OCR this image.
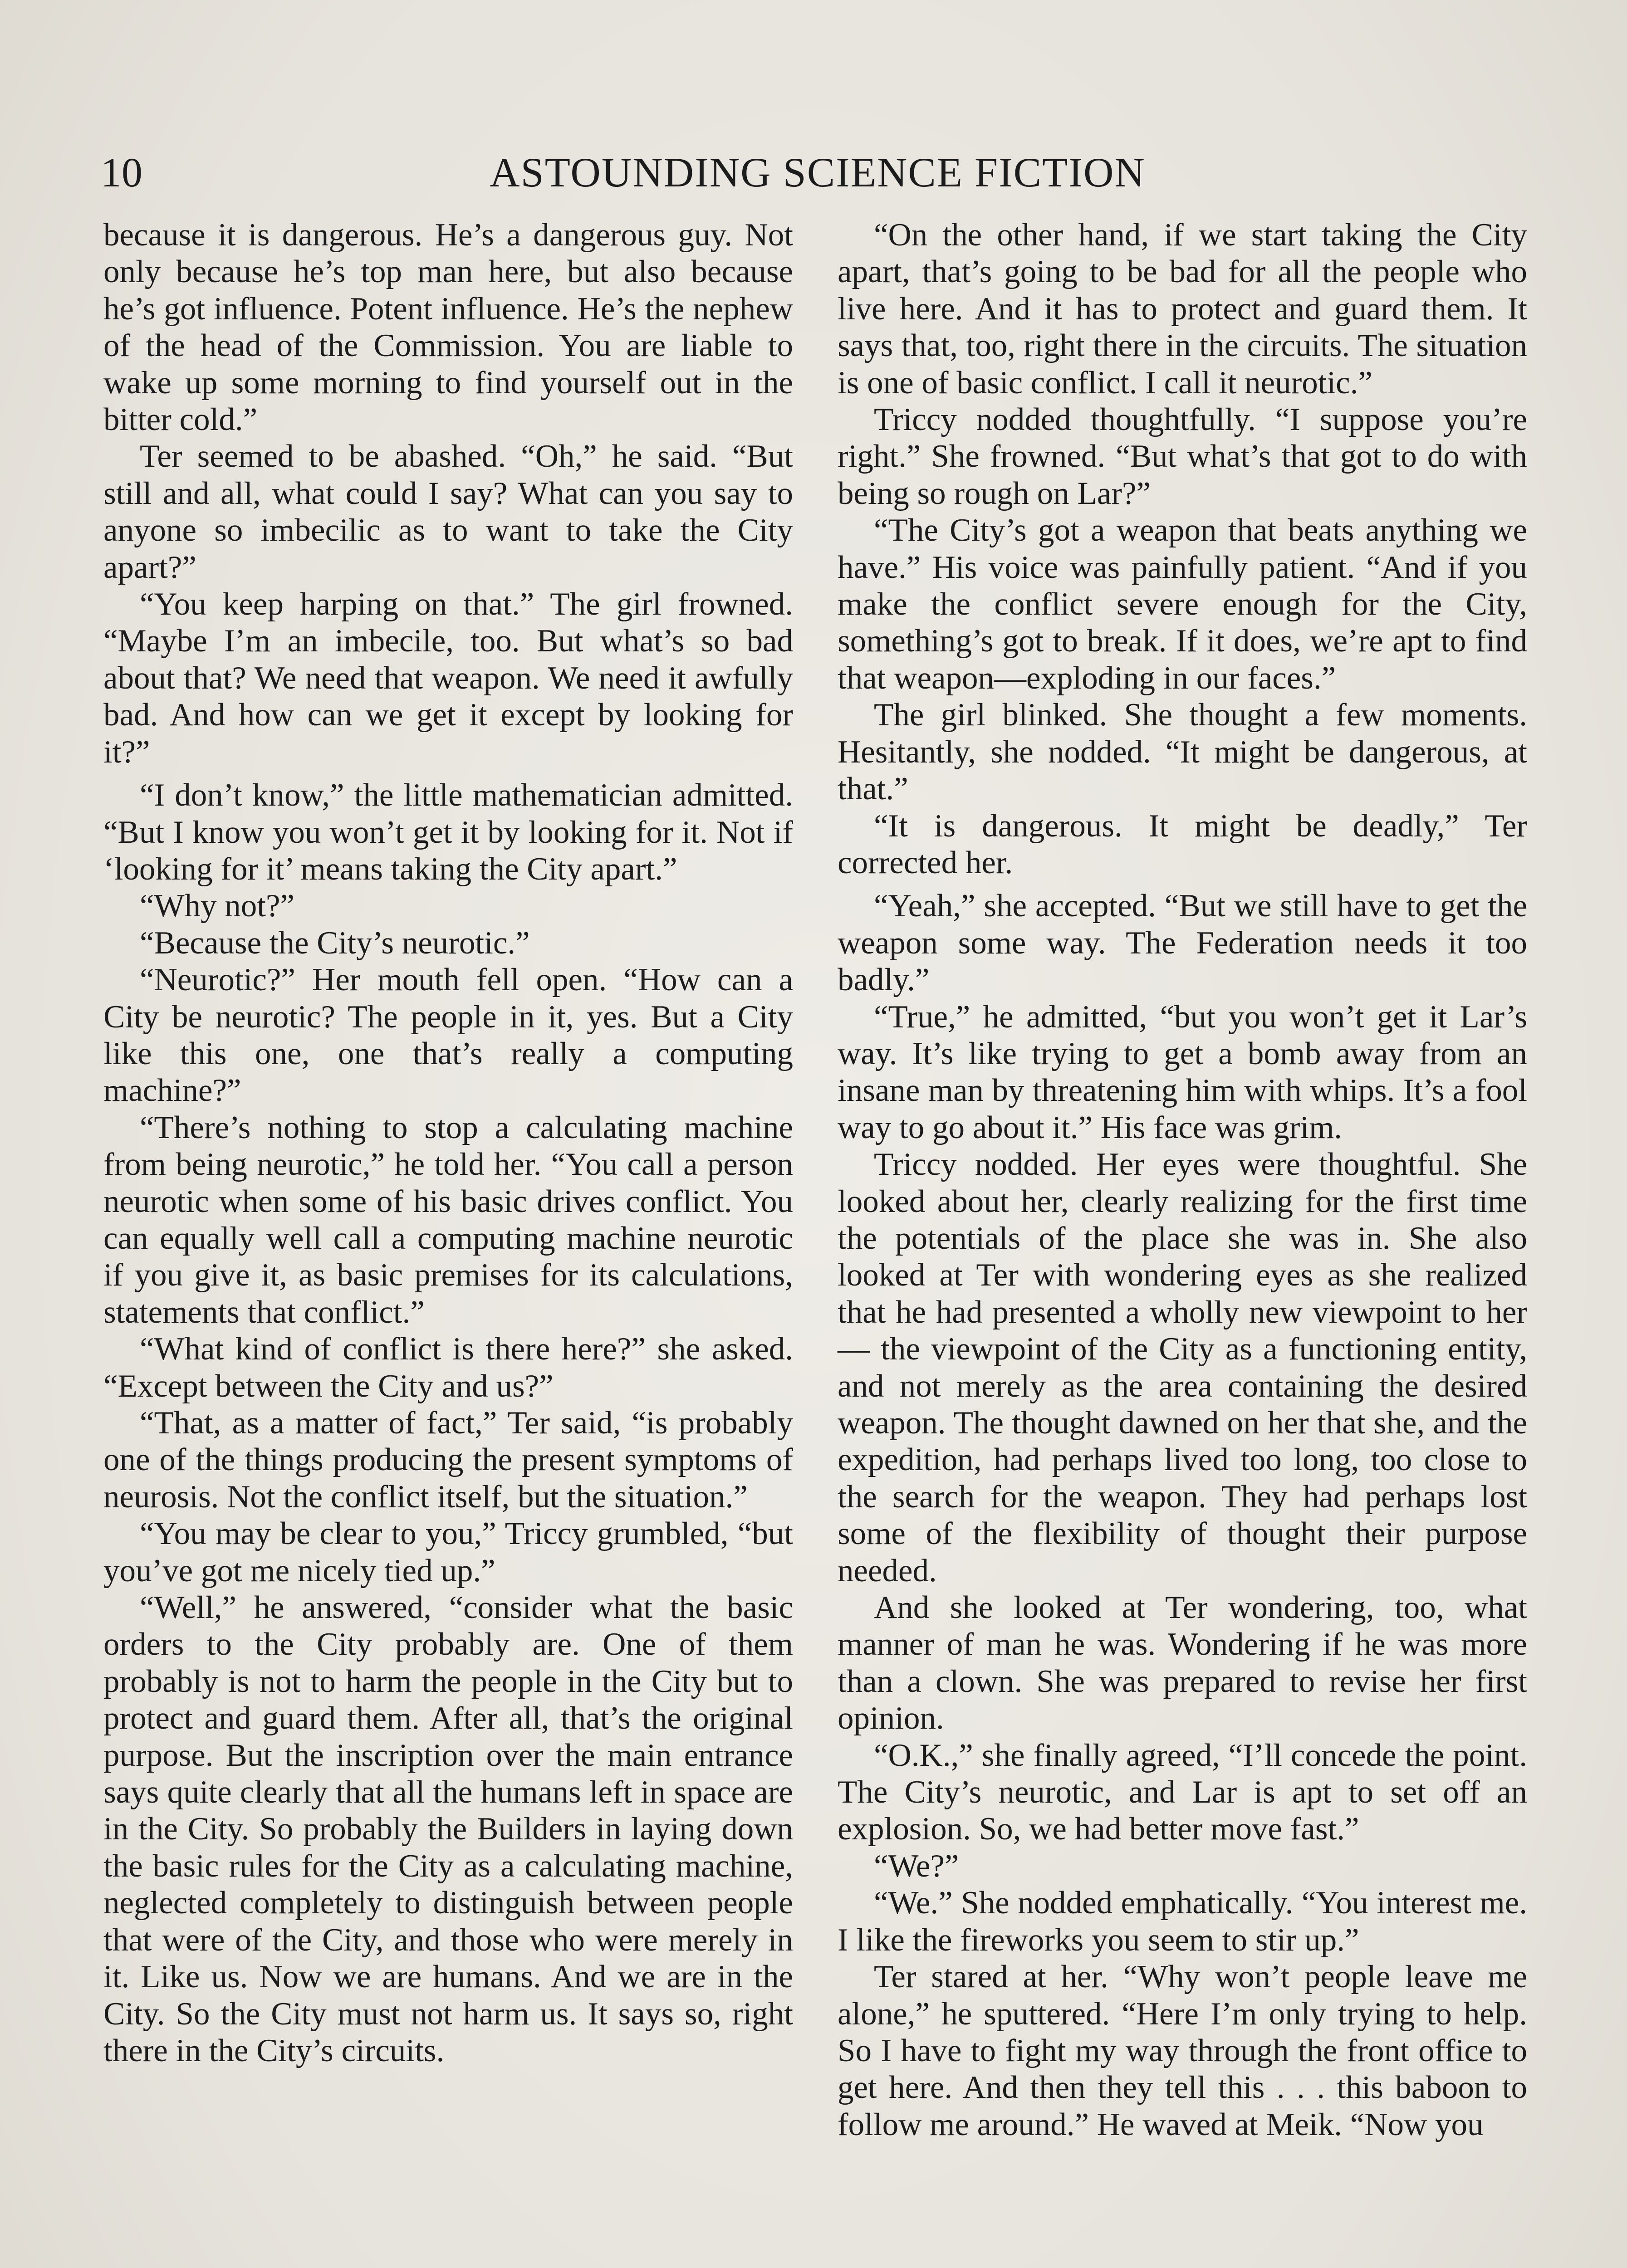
10	ASTOUNDING SCIENCE FICTION

because it is dangerous. He’s a dangerous guy. Not only because he’s top man here, but also because he’s got influence. Potent influence. He’s the nephew of the head of the Commission. You are liable to wake up some morning to find yourself out in the bitter cold.”

Ter seemed to be abashed. “Oh,” he said. “But still and all, what could I say? What can you say to anyone so imbecilic as to want to take the City apart?”

“You keep harping on that.” The girl frowned. “Maybe I’m an imbecile, too. But what’s so bad about that? We need that weapon. We need it awfully bad. And how can we get it except by looking for it?”

“I don’t know,” the little mathematician admitted. “But I know you won’t get it by looking for it. Not if ‘looking for it’ means taking the City apart.”

“Why not?”

“Because the City’s neurotic.”

“Neurotic?” Her mouth fell open. “How can a City be neurotic? The people in it, yes. But a City like this one, one that’s really a computing machine?”

“There’s nothing to stop a calculating machine from being neurotic,” he told her. “You call a person neurotic when some of his basic drives conflict. You can equally well call a computing machine neurotic if you give it, as basic premises for its calculations, statements that conflict.”

“What kind of conflict is there here?” she asked. “Except between the City and us?”

“That, as a matter of fact,” Ter said, “is probably one of the things producing the present symptoms of neurosis. Not the conflict itself, but the situation.”

“You may be clear to you,” Triccy grumbled, “but you’ve got me nicely tied up.”

“Well,” he answered, “consider what the basic orders to the City probably are. One of them probably is not to harm the people in the City but to protect and guard them. After all, that’s the original purpose. But the inscription over the main entrance says quite clearly that all the humans left in space are in the City. So probably the Builders in laying down the basic rules for the City as a calculating machine, neglected completely to distinguish between people that were of the City, and those who were merely in it. Like us. Now we are humans. And we are in the City. So the City must not harm us. It says so, right there in the City’s circuits.

“On the other hand, if we start taking the City apart, that’s going to be bad for all the people who live here. And it has to protect and guard them. It says that, too, right there in the circuits. The situation is one of basic conflict. I call it neurotic.”

Triccy nodded thoughtfully. “I suppose you’re right.” She frowned. “But what’s that got to do with being so rough on Lar?”

“The City’s got a weapon that beats anything we have.” His voice was painfully patient. “And if you make the conflict severe enough for the City, something’s got to break. If it does, we’re apt to find that weapon—exploding in our faces.”

The girl blinked. She thought a few moments. Hesitantly, she nodded. “It might be dangerous, at that.”

“It is dangerous. It might be deadly,” Ter corrected her.

“Yeah,” she accepted. “But we still have to get the weapon some way. The Federation needs it too badly.”

“True,” he admitted, “but you won’t get it Lar’s way. It’s like trying to get a bomb away from an insane man by threatening him with whips. It’s a fool way to go about it.” His face was grim.

Triccy nodded. Her eyes were thoughtful. She looked about her, clearly realizing for the first time the potentials of the place she was in. She also looked at Ter with wondering eyes as she realized that he had presented a wholly new viewpoint to her— the viewpoint of the City as a functioning entity, and not merely as the area containing the desired weapon. The thought dawned on her that she, and the expedition, had perhaps lived too long, too close to the search for the weapon. They had perhaps lost some of the flexibility of thought their purpose needed.

And she looked at Ter wondering, too, what manner of man he was. Wondering if he was more than a clown. She was prepared to revise her first opinion.

“O.K.,” she finally agreed, “I’ll concede the point. The City’s neurotic, and Lar is apt to set off an explosion. So, we had better move fast.”

“We?”

“We.” She nodded emphatically. “You interest me. I like the fireworks you seem to stir up.”

Ter stared at her. “Why won’t people leave me alone,” he sputtered. “Here I’m only trying to help. So I have to fight my way through the front office to get here. And then they tell this . . . this baboon to follow me around.” He waved at Meik. “Now you
